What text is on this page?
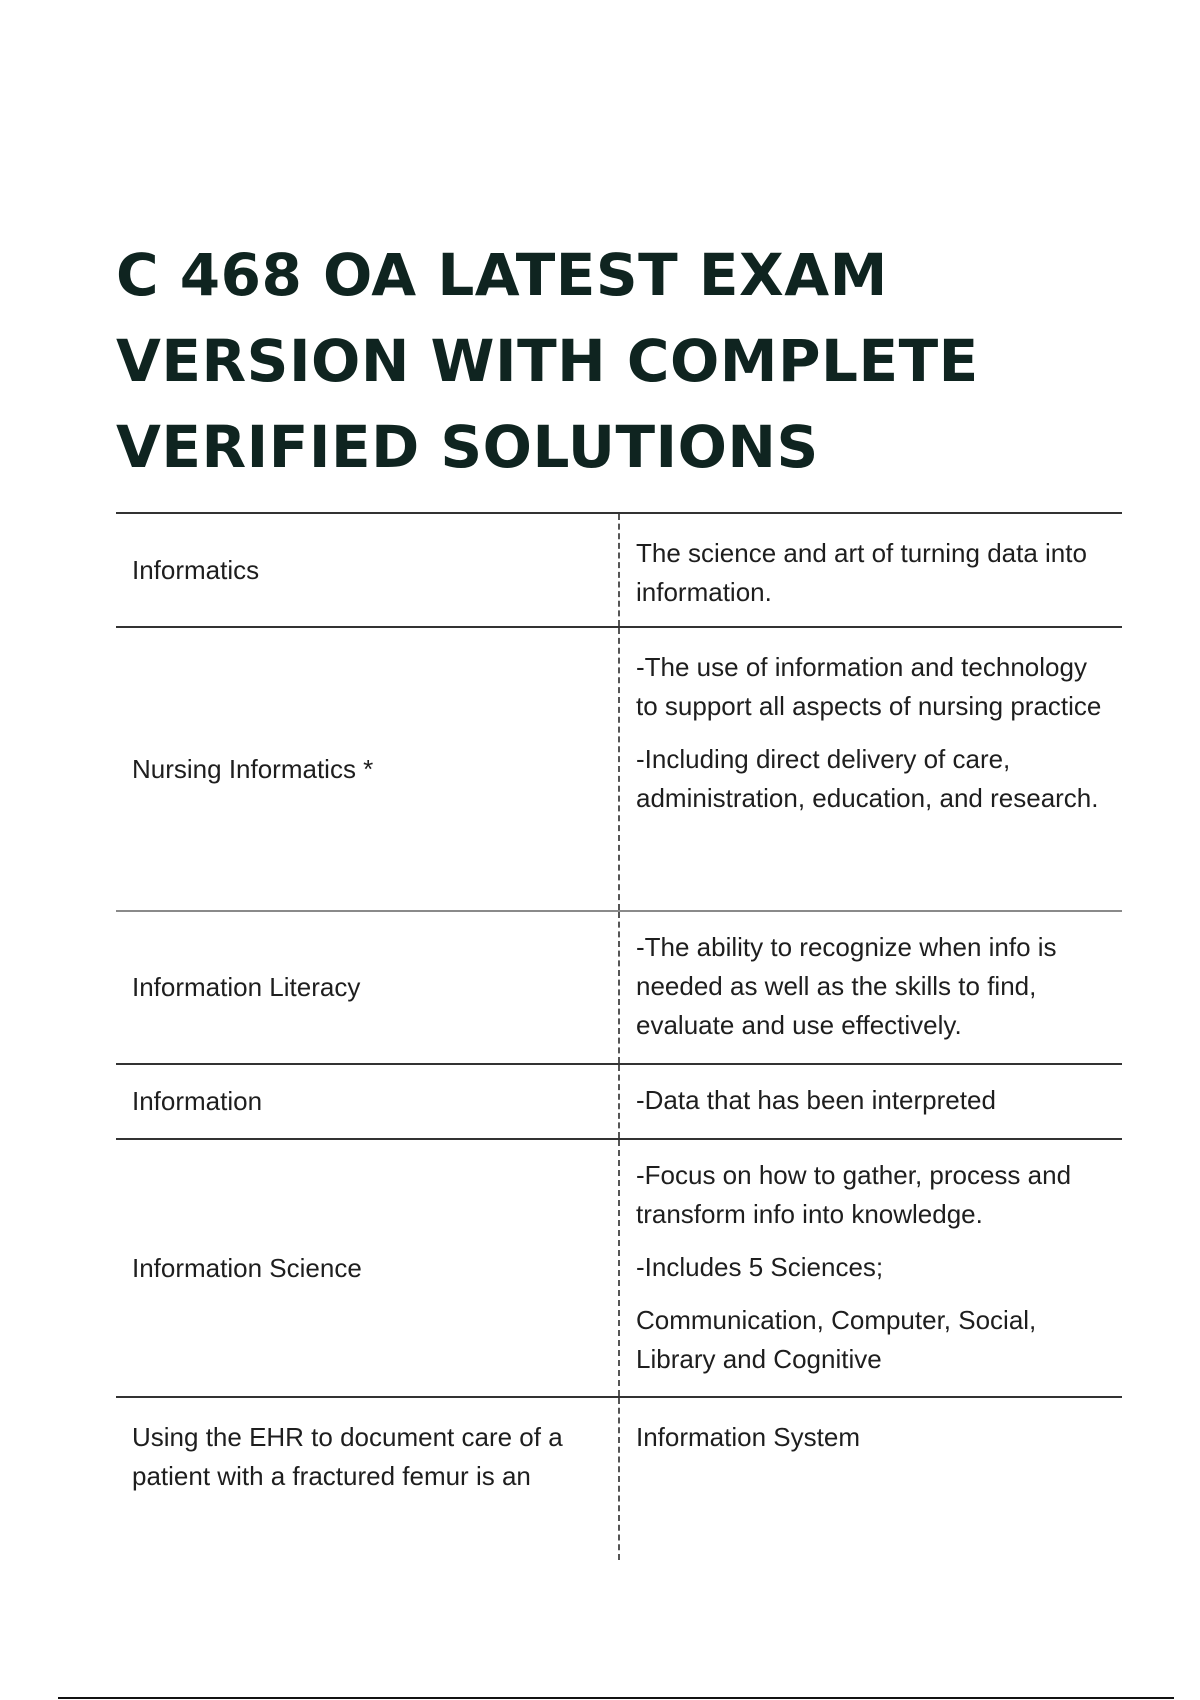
C 468 OA LATEST EXAM
VERSION WITH COMPLETE
VERIFIED SOLUTIONS
Informatics

The science and art of turning data into information.

Nursing Informatics *

-The use of information and technology to support all aspects of nursing practice

-Including direct delivery of care, administration, education, and research.

Information Literacy

-The ability to recognize when info is needed as well as the skills to find, evaluate and use effectively.

Information	-Data that has been interpreted

Information Science

-Focus on how to gather, process and transform info into knowledge.

-Includes 5 Sciences;

Communication, Computer, Social, Library and Cognitive

Using the EHR to document care of a patient with a fractured femur is an

Information System
